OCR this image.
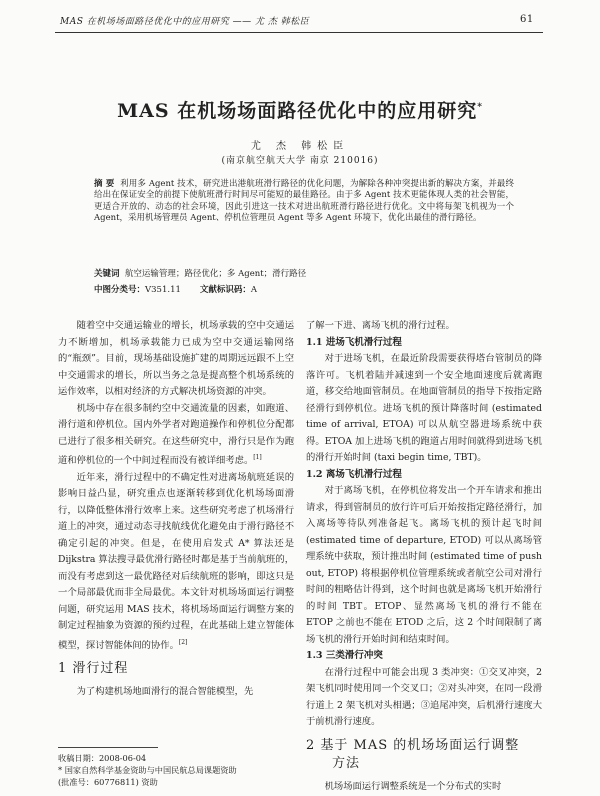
MAS 在机场场面路径优化中的应用研究 —— 尤 杰 韩松臣	61
MAS 在机场场面路径优化中的应用研究*
尤 杰 韩松臣
(南京航空航天大学 南京 210016)
摘 要 利用多 Agent 技术，研究进出港航班滑行路径的优化问题，为解除各种冲突提出新的解决方案，并最终给出在保证安全的前提下使航班滑行时间尽可能短的最佳路径。由于多 Agent 技术更能体现人类的社会智能，更适合开放的、动态的社会环境，因此引进这一技术对进出航班滑行路径进行优化。文中将每架飞机视为一个 Agent，采用机场管理员 Agent、停机位管理员 Agent 等多 Agent 环境下，优化出最佳的滑行路径。
关键词 航空运输管理；路径优化；多 Agent；滑行路径
中图分类号：V351.11 文献标识码：A

随着空中交通运输业的增长，机场承载的空中交通运力不断增加，机场承载能力已成为空中交通运输网络的“瓶颈”。目前，现场基础设施扩建的周期远远跟不上空中交通需求的增长，所以当务之急是提高整个机场系统的运作效率，以相对经济的方式解决机场资源的冲突。

机场中存在很多制约空中交通流量的因素，如跑道、滑行道和停机位。国内外学者对跑道操作和停机位分配都已进行了很多相关研究。在这些研究中，滑行只是作为跑道和停机位的一个中间过程而没有被详细考虑。[1]

近年来，滑行过程中的不确定性对进离场航班延误的影响日益凸显，研究重点也逐渐转移到优化机场场面滑行，以降低整体滑行效率上来。这些研究考虑了机场滑行道上的冲突，通过动态寻找航线优化避免由于滑行路径不确定引起的冲突。但是，在使用启发式 A* 算法还是 Dijkstra 算法搜寻最优滑行路径时都是基于当前航班的，而没有考虑到这一最优路径对后续航班的影响，即这只是一个局部最优而非全局最优。本文针对机场场面运行调整问题，研究运用 MAS 技术，将机场场面运行调整方案的制定过程抽象为资源的预约过程，在此基础上建立智能体模型，探讨智能体间的协作。[2]

1 滑行过程

为了构建机场地面滑行的混合智能模型，先

收稿日期：2008-06-04
* 国家自然科学基金资助与中国民航总局课题资助
(批准号：60776811) 资助

了解一下进、离场飞机的滑行过程。

1.1 进场飞机滑行过程

对于进场飞机，在最近阶段需要获得塔台管制员的降落许可。飞机着陆并减速到一个安全地面速度后就离跑道，移交给地面管制员。在地面管制员的指导下按指定路径滑行到停机位。进场飞机的预计降落时间 (estimated time of arrival, ETOA) 可以从航空器进场系统中获得。ETOA 加上进场飞机的跑道占用时间就得到进场飞机的滑行开始时间 (taxi begin time, TBT)。

1.2 离场飞机滑行过程

对于离场飞机，在停机位将发出一个开车请求和推出请求，得到管制员的放行许可后开始按指定路径滑行，加入离场等待队列准备起飞。离场飞机的预计起飞时间 (estimated time of departure, ETOD) 可以从离场管理系统中获取，预计推出时间 (estimated time of push out, ETOP) 将根据停机位管理系统或者航空公司对滑行时间的粗略估计得到，这个时间也就是离场飞机开始滑行的时间 TBT。ETOP、显然离场飞机的滑行不能在 ETOP 之前也不能在 ETOD 之后，这 2 个时间限制了离场飞机的滑行开始时间和结束时间。

1.3 三类滑行冲突

在滑行过程中可能会出现 3 类冲突：①交叉冲突，2 架飞机同时使用同一个交叉口；②对头冲突，在同一段滑行道上 2 架飞机对头相遇；③追尾冲突，后机滑行速度大于前机滑行速度。

2 基于 MAS 的机场场面运行调整
方法

机场场面运行调整系统是一个分布式的实时
